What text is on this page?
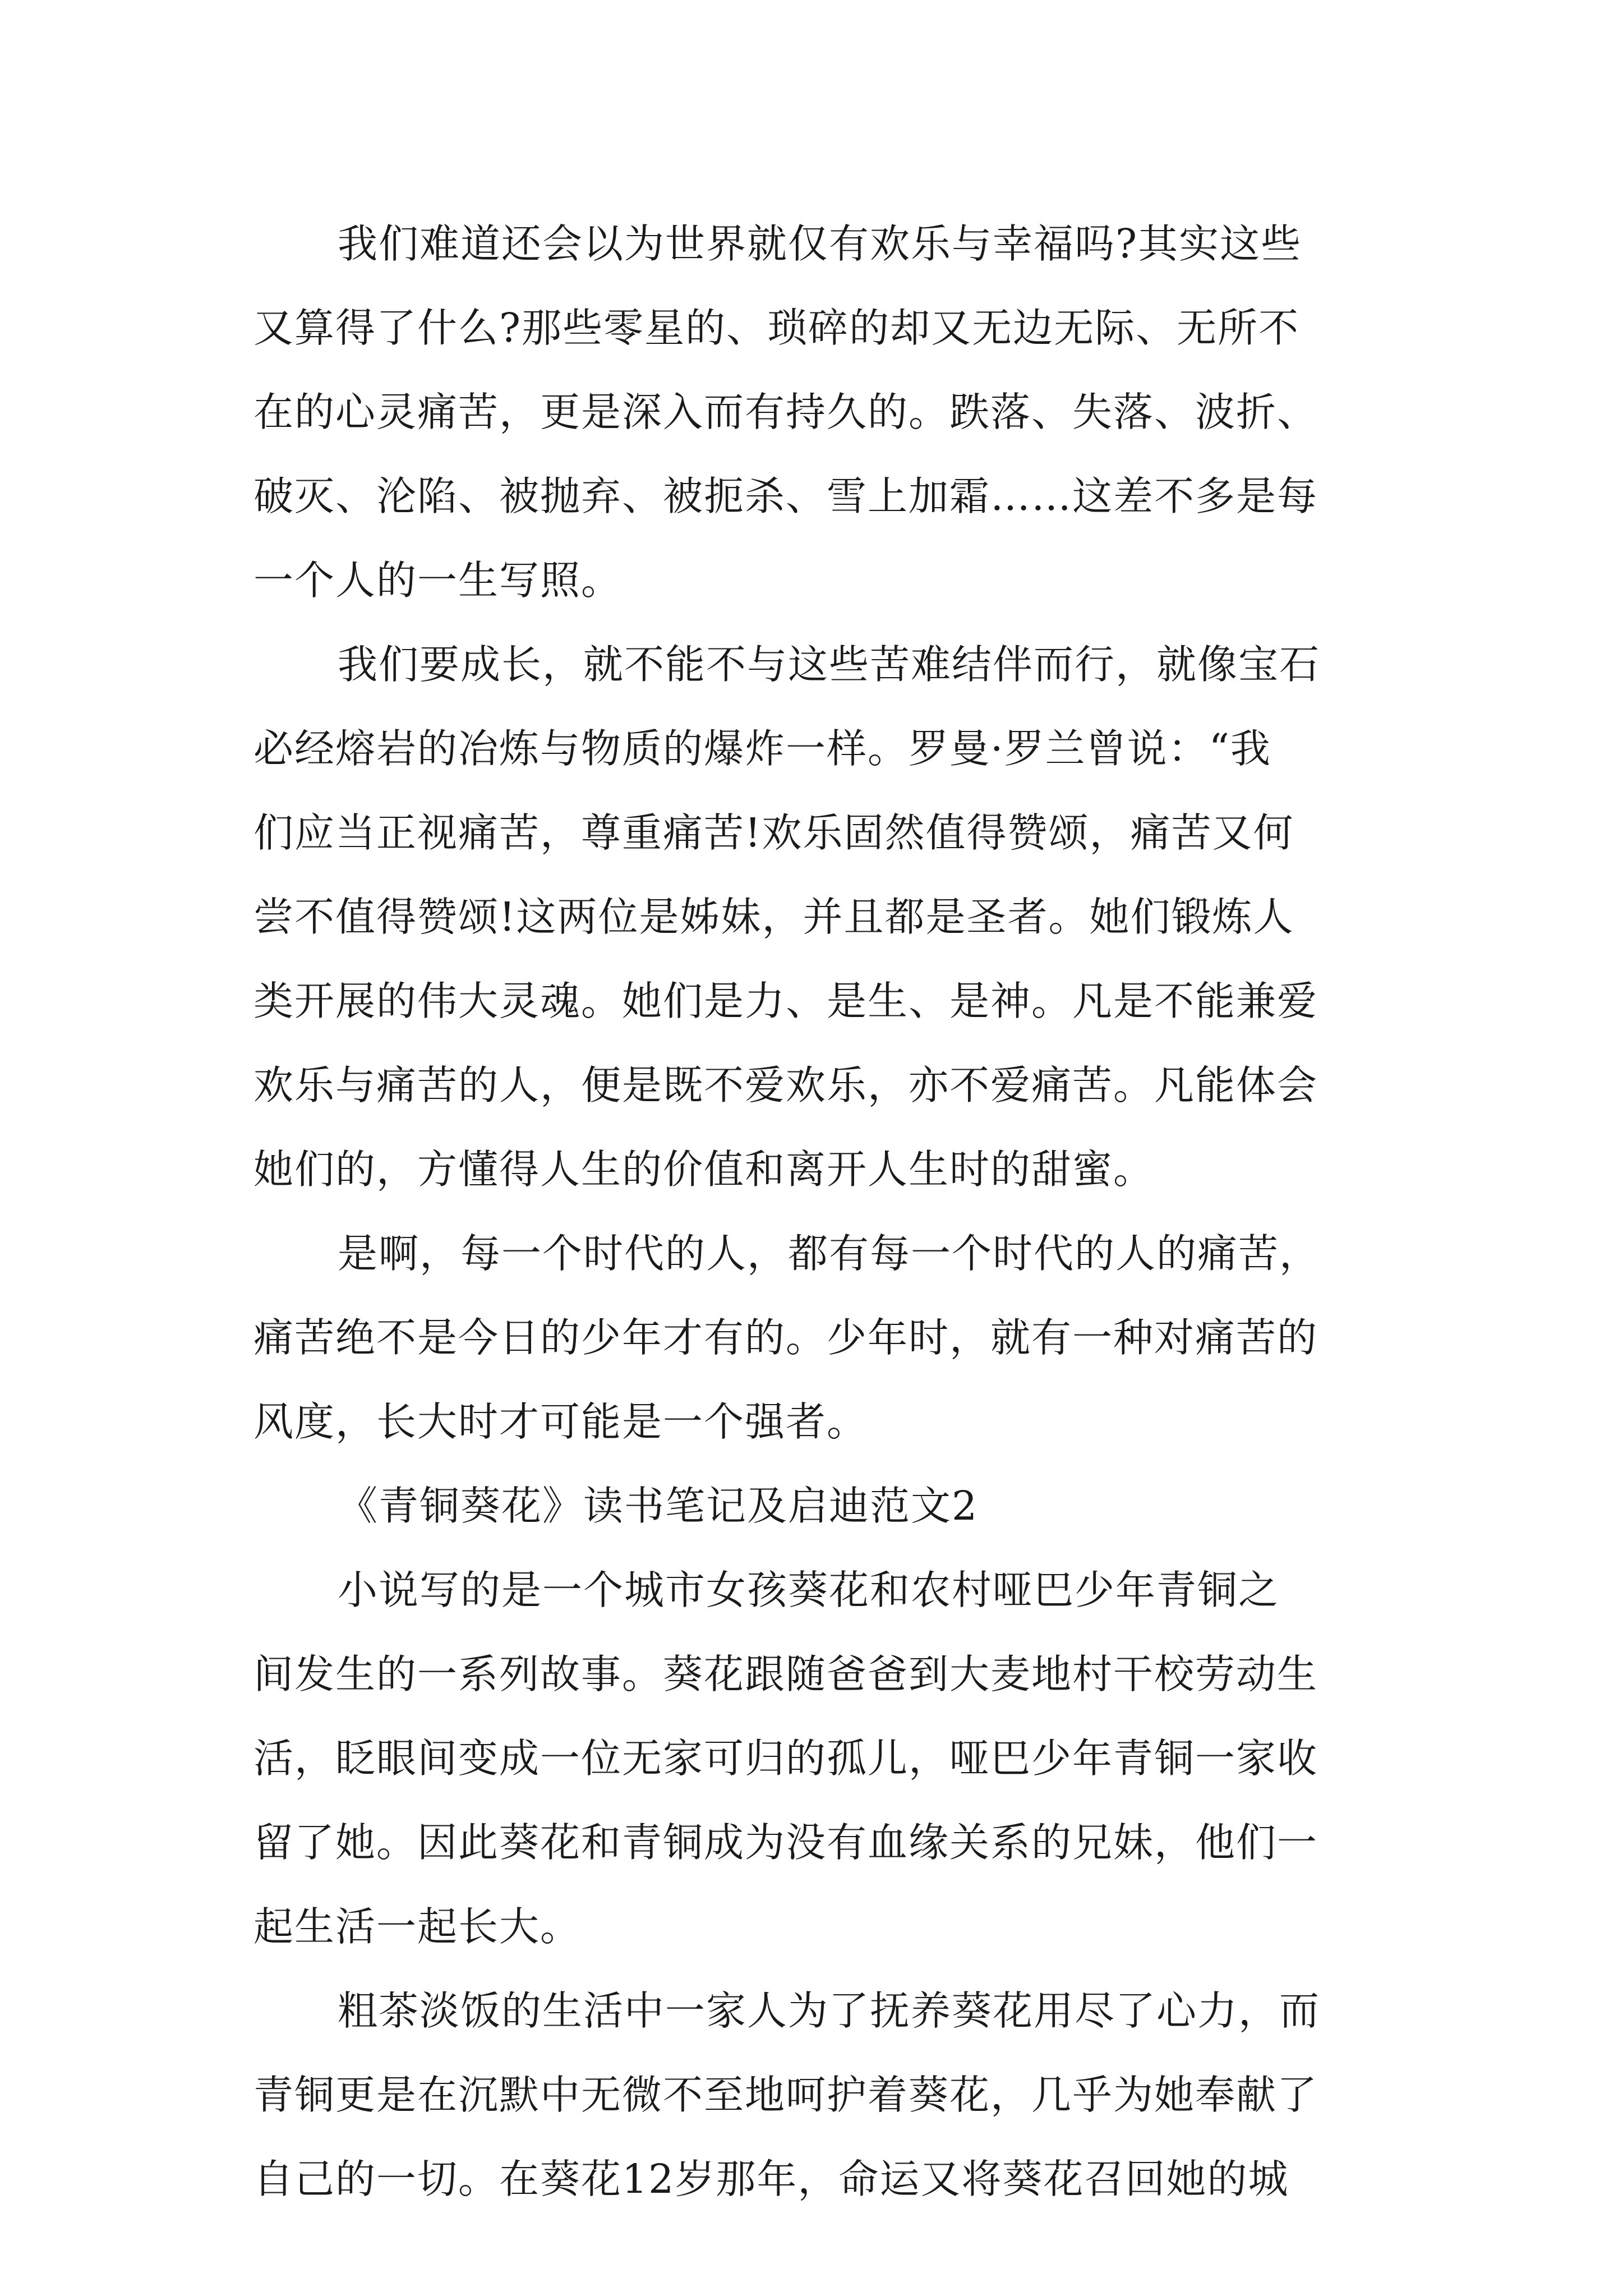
我们难道还会以为世界就仅有欢乐与幸福吗?其实这些
又算得了什么?那些零星的、琐碎的却又无边无际、无所不
在的心灵痛苦，更是深入而有持久的。跌落、失落、波折、
破灭、沦陷、被抛弃、被扼杀、雪上加霜……这差不多是每
一个人的一生写照。
我们要成长，就不能不与这些苦难结伴而行，就像宝石
必经熔岩的冶炼与物质的爆炸一样。罗曼·罗兰曾说：“我
们应当正视痛苦，尊重痛苦!欢乐固然值得赞颂，痛苦又何
尝不值得赞颂!这两位是姊妹，并且都是圣者。她们锻炼人
类开展的伟大灵魂。她们是力、是生、是神。凡是不能兼爱
欢乐与痛苦的人，便是既不爱欢乐，亦不爱痛苦。凡能体会
她们的，方懂得人生的价值和离开人生时的甜蜜。
是啊，每一个时代的人，都有每一个时代的人的痛苦，
痛苦绝不是今日的少年才有的。少年时，就有一种对痛苦的
风度，长大时才可能是一个强者。
《青铜葵花》读书笔记及启迪范文2
小说写的是一个城市女孩葵花和农村哑巴少年青铜之
间发生的一系列故事。葵花跟随爸爸到大麦地村干校劳动生
活，眨眼间变成一位无家可归的孤儿，哑巴少年青铜一家收
留了她。因此葵花和青铜成为没有血缘关系的兄妹，他们一
起生活一起长大。
粗茶淡饭的生活中一家人为了抚养葵花用尽了心力，而
青铜更是在沉默中无微不至地呵护着葵花，几乎为她奉献了
自己的一切。在葵花12岁那年，命运又将葵花召回她的城
